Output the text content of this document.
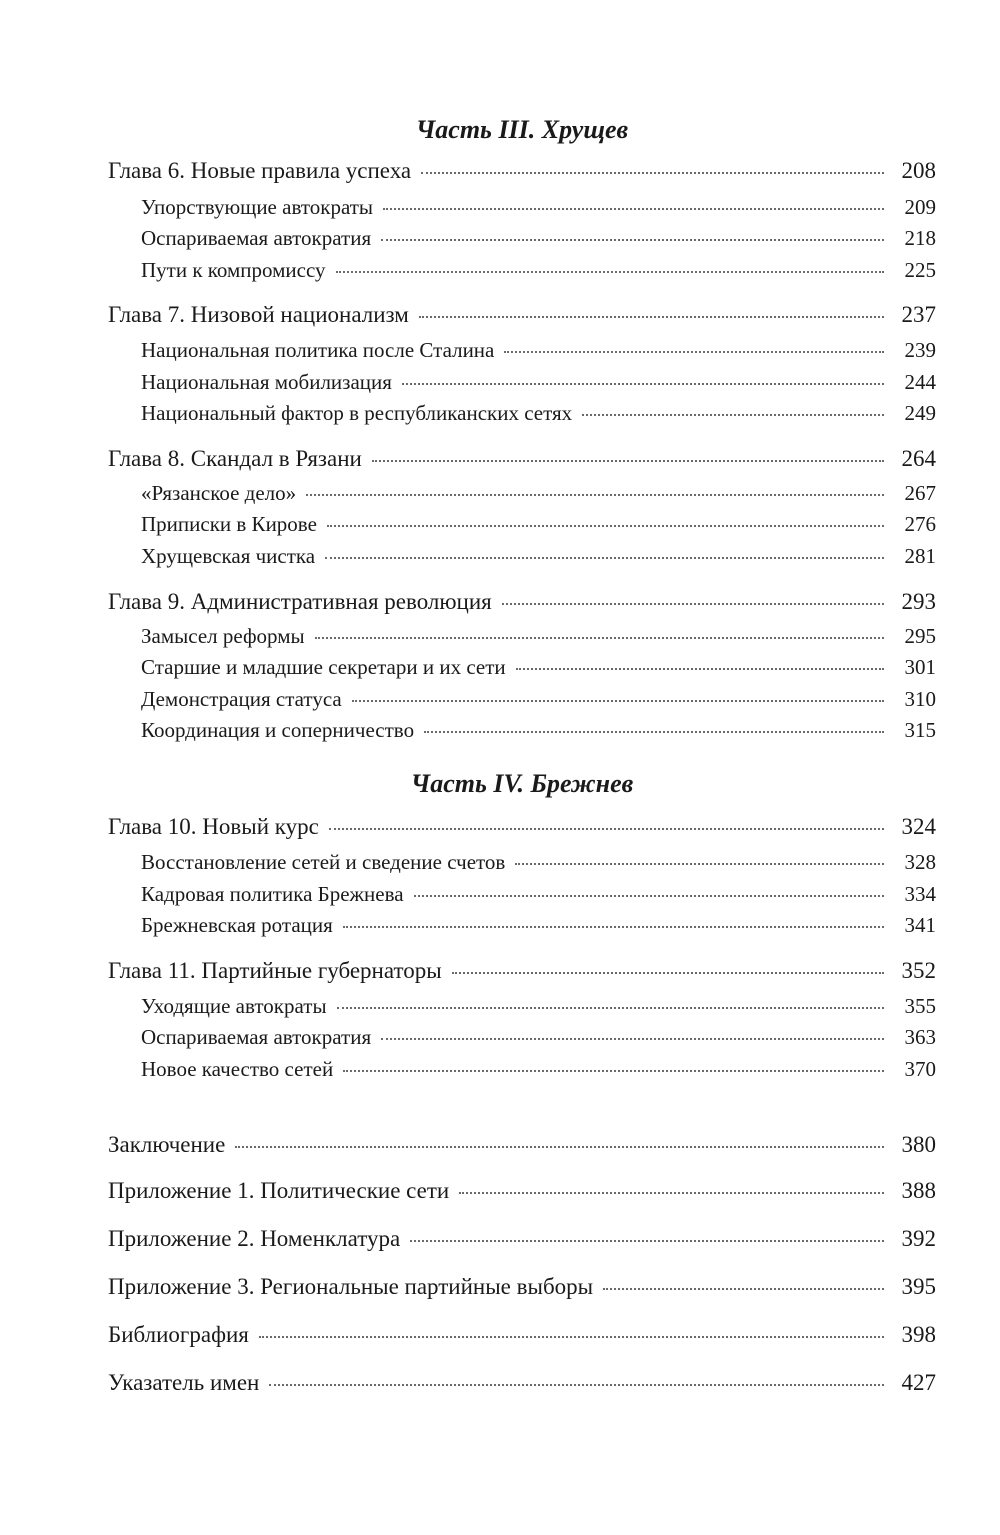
Часть III. Хрущев
Глава 6. Новые правила успеха	208
Упорствующие автократы	209
Оспариваемая автократия	218
Пути к компромиссу	225
Глава 7. Низовой национализм	237
Национальная политика после Сталина	239
Национальная мобилизация	244
Национальный фактор в республиканских сетях	249
Глава 8. Скандал в Рязани	264
«Рязанское дело»	267
Приписки в Кирове	276
Хрущевская чистка	281
Глава 9. Административная революция	293
Замысел реформы	295
Старшие и младшие секретари и их сети	301
Демонстрация статуса	310
Координация и соперничество	315
Часть IV. Брежнев
Глава 10. Новый курс	324
Восстановление сетей и сведение счетов	328
Кадровая политика Брежнева	334
Брежневская ротация	341
Глава 11. Партийные губернаторы	352
Уходящие автократы	355
Оспариваемая автократия	363
Новое качество сетей	370
Заключение	380
Приложение 1. Политические сети	388
Приложение 2. Номенклатура	392
Приложение 3. Региональные партийные выборы	395
Библиография	398
Указатель имен	427
